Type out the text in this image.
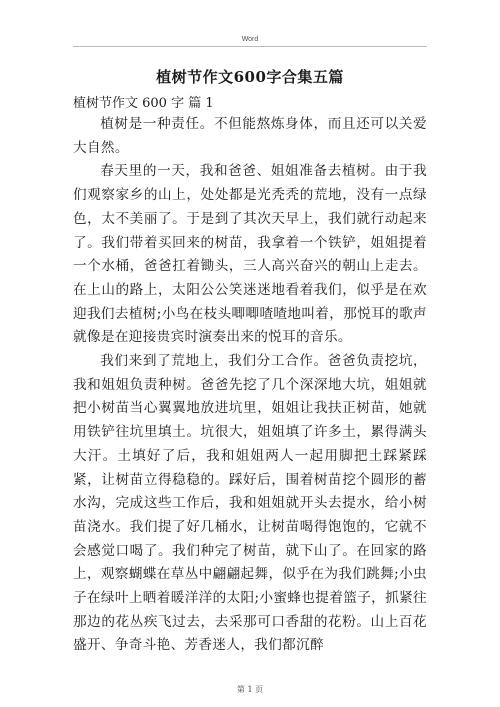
Word
植树节作文600字合集五篇
植树节作文 600 字 篇 1

植树是一种责任。不但能熬炼身体，而且还可以关爱大自然。

春天里的一天，我和爸爸、姐姐准备去植树。由于我们观察家乡的山上，处处都是光秃秃的荒地，没有一点绿色，太不美丽了。于是到了其次天早上，我们就行动起来了。我们带着买回来的树苗，我拿着一个铁铲，姐姐提着一个水桶，爸爸扛着锄头，三人高兴奋兴的朝山上走去。在上山的路上，太阳公公笑迷迷地看着我们，似乎是在欢迎我们去植树;小鸟在枝头唧唧喳喳地叫着，那悦耳的歌声就像是在迎接贵宾时演奏出来的悦耳的音乐。

我们来到了荒地上，我们分工合作。爸爸负责挖坑，我和姐姐负责种树。爸爸先挖了几个深深地大坑，姐姐就把小树苗当心翼翼地放进坑里，姐姐让我扶正树苗，她就用铁铲往坑里填土。坑很大，姐姐填了许多土，累得满头大汗。土填好了后，我和姐姐两人一起用脚把土踩紧踩紧，让树苗立得稳稳的。踩好后，围着树苗挖个圆形的蓄水沟，完成这些工作后，我和姐姐就开头去提水，给小树苗浇水。我们提了好几桶水，让树苗喝得饱饱的，它就不会感觉口喝了。我们种完了树苗，就下山了。在回家的路上，观察蝴蝶在草丛中翩翩起舞，似乎在为我们跳舞;小虫子在绿叶上晒着暖洋洋的太阳;小蜜蜂也提着篮子，抓紧往那边的花丛疾飞过去，去采那可口香甜的花粉。山上百花盛开、争奇斗艳、芳香迷人，我们都沉醉

第 1 页
